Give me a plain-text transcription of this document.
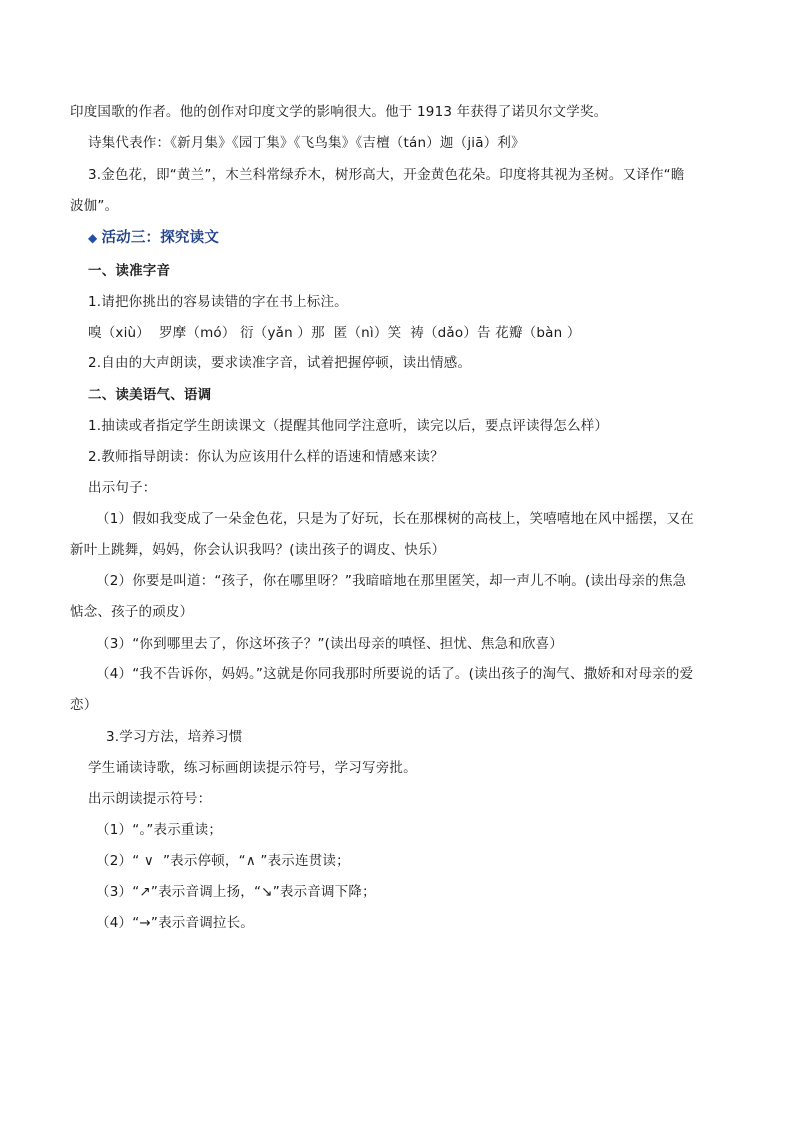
印度国歌的作者。他的创作对印度文学的影响很大。他于 1913 年获得了诺贝尔文学奖。
诗集代表作：《新月集》《园丁集》《飞鸟集》《吉檀（tán）迦（jiā）利》
3.金色花，即“黄兰”，木兰科常绿乔木，树形高大，开金黄色花朵。印度将其视为圣树。又译作“瞻
波伽”。
◆ 活动三：探究读文
一、读准字音
1.请把你挑出的容易读错的字在书上标注。
嗅（xiù）  罗摩（mó） 衍（yǎn ）那  匿（nì）笑  祷（dǎo）告 花瓣（bàn ）
2.自由的大声朗读，要求读准字音，试着把握停顿，读出情感。
二、读美语气、语调
1.抽读或者指定学生朗读课文（提醒其他同学注意听，读完以后，要点评读得怎么样）
2.教师指导朗读：你认为应该用什么样的语速和情感来读？
出示句子：
（1）假如我变成了一朵金色花，只是为了好玩，长在那棵树的高枝上，笑嘻嘻地在风中摇摆，又在
新叶上跳舞，妈妈，你会认识我吗？(读出孩子的调皮、快乐）
（2）你要是叫道：“孩子，你在哪里呀？”我暗暗地在那里匿笑，却一声儿不响。(读出母亲的焦急
惦念、孩子的顽皮）
（3）“你到哪里去了，你这坏孩子？”(读出母亲的嗔怪、担忧、焦急和欣喜）
（4）“我不告诉你，妈妈。”这就是你同我那时所要说的话了。(读出孩子的淘气、撒娇和对母亲的爱
恋）
3.学习方法，培养习惯
学生诵读诗歌，练习标画朗读提示符号，学习写旁批。
出示朗读提示符号：
（1）“。”表示重读；
（2）“ ∨  ”表示停顿，“∧ ”表示连贯读；
（3）“↗”表示音调上扬，“↘”表示音调下降；
（4）“→”表示音调拉长。
